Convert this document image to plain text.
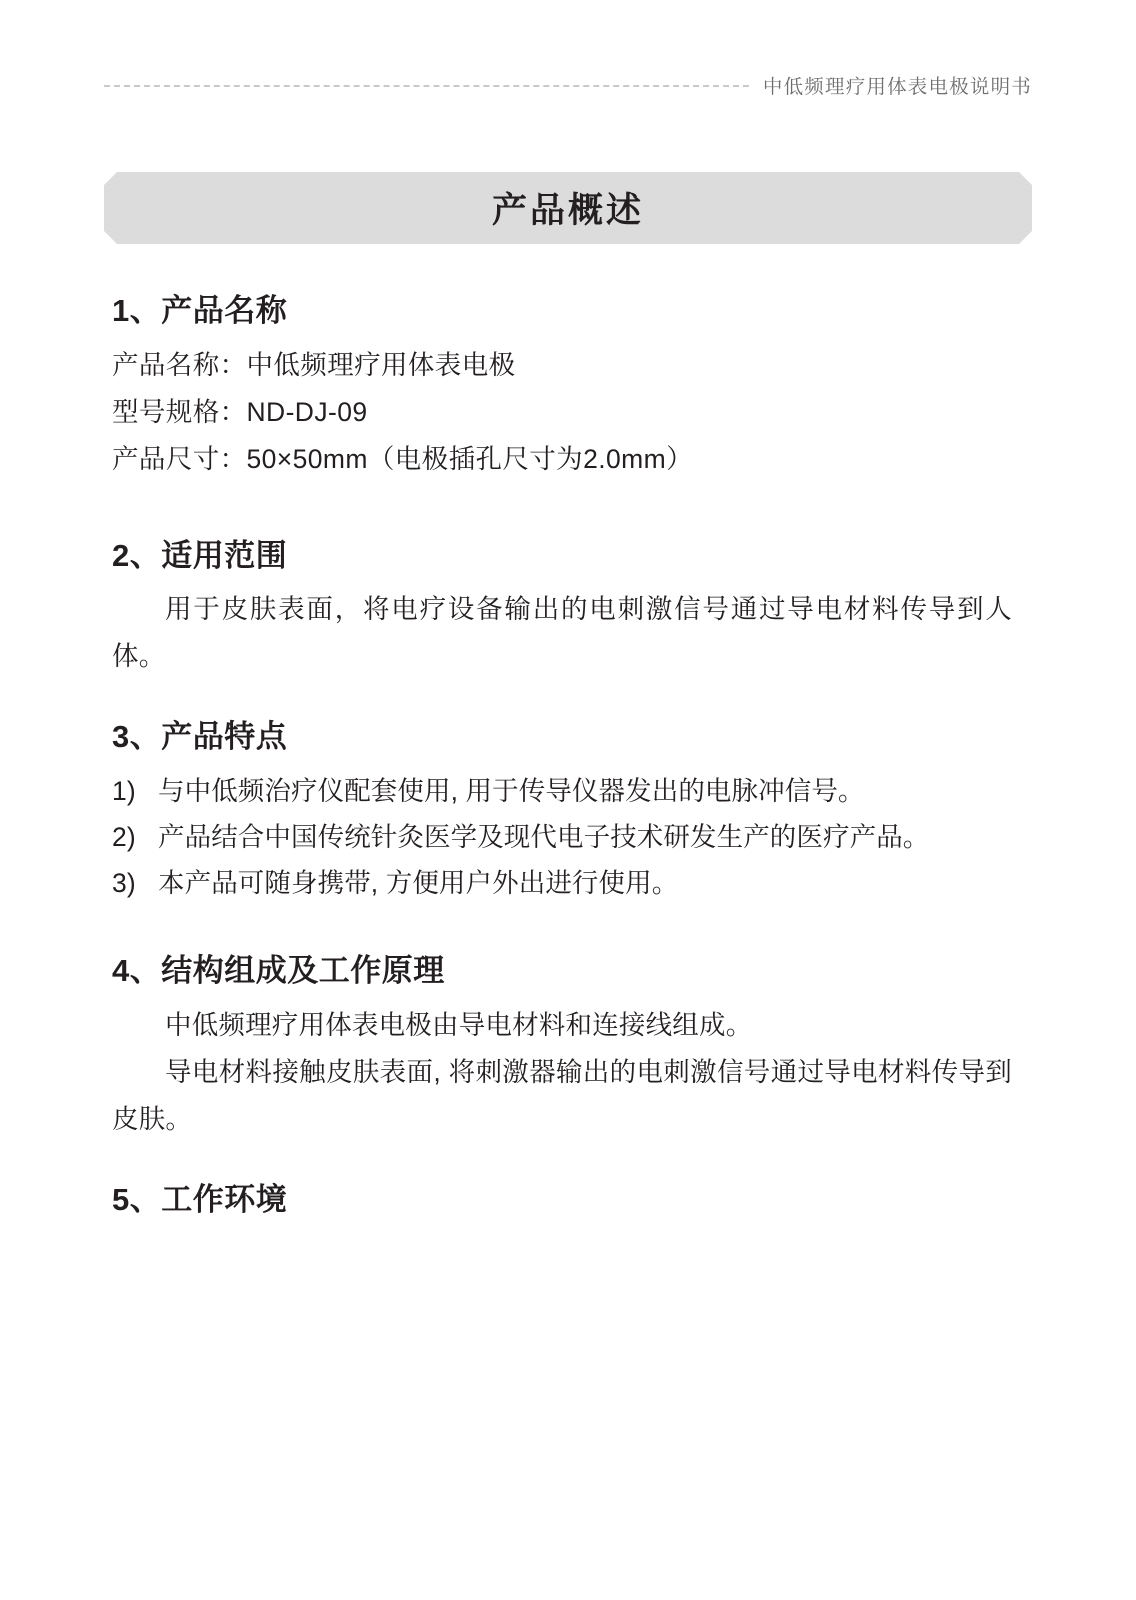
中低频理疗用体表电极说明书
产品概述
1、产品名称

产品名称：中低频理疗用体表电极

型号规格：ND-DJ-09

产品尺寸：50×50mm（电极插孔尺寸为2.0mm）

2、适用范围

用于皮肤表面，将电疗设备输出的电刺激信号通过导电材料传导到人体。

3、产品特点
1) 与中低频治疗仪配套使用, 用于传导仪器发出的电脉冲信号。
2) 产品结合中国传统针灸医学及现代电子技术研发生产的医疗产品。
3) 本产品可随身携带, 方便用户外出进行使用。
4、结构组成及工作原理

中低频理疗用体表电极由导电材料和连接线组成。

导电材料接触皮肤表面, 将刺激器输出的电刺激信号通过导电材料传导到皮肤。

5、工作环境
